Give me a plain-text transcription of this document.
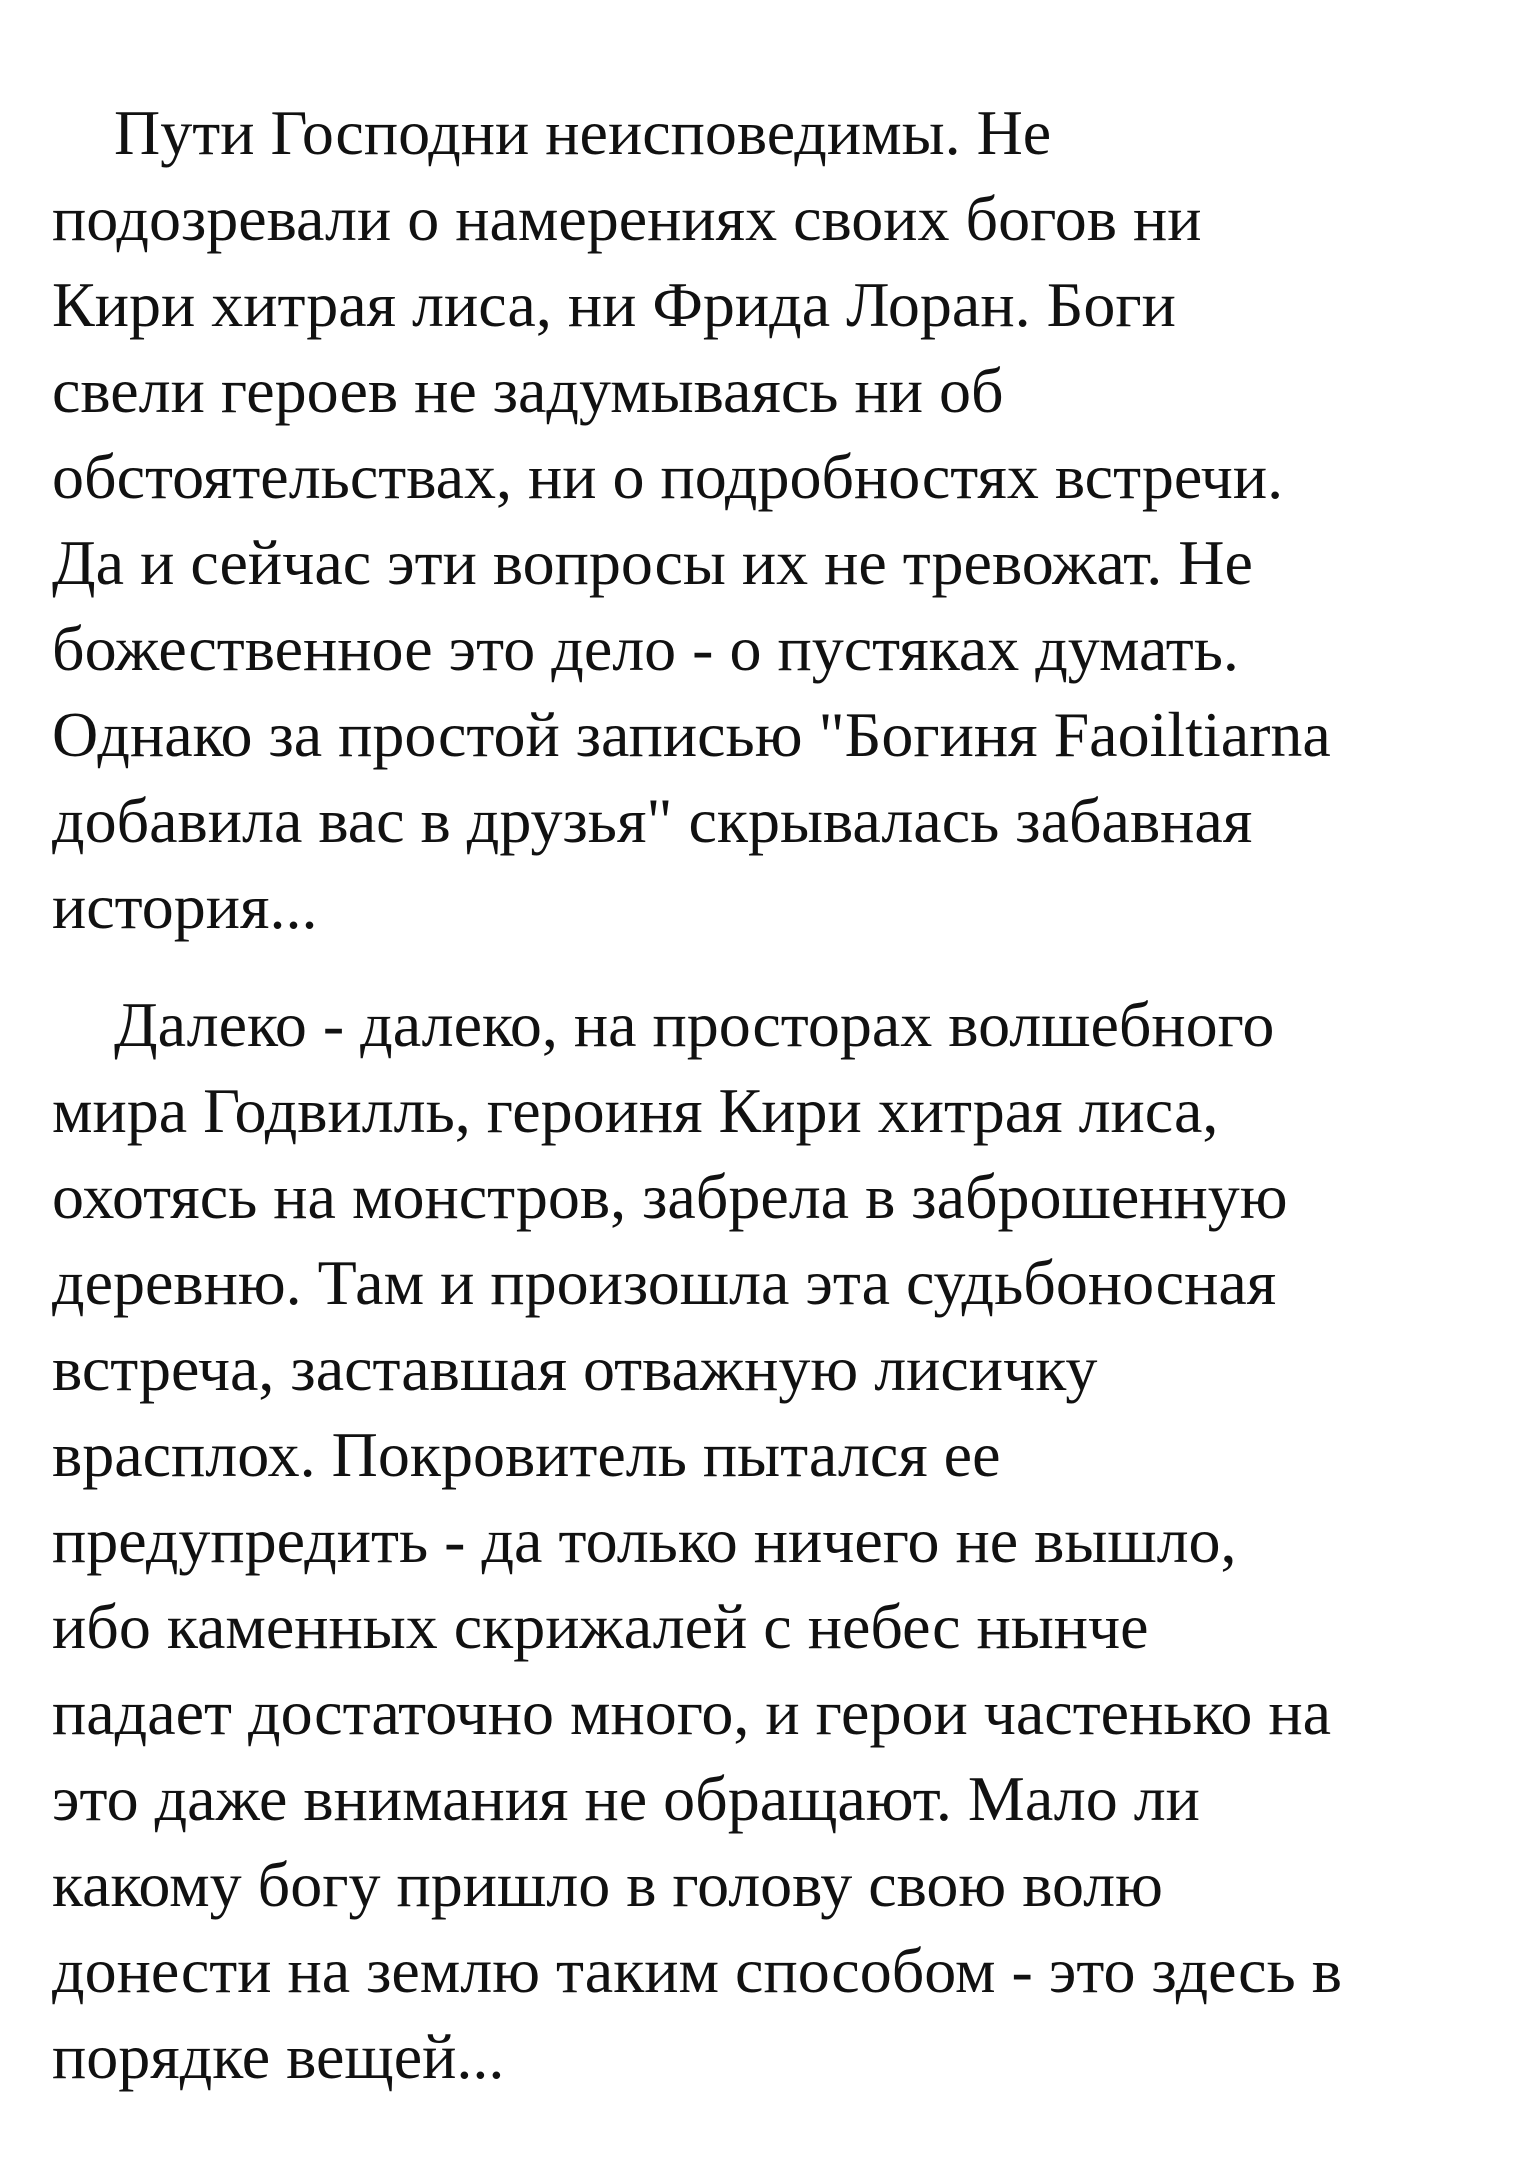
Пути Господни неисповедимы. Не
подозревали о намерениях своих богов ни
Кири хитрая лиса, ни Фрида Лоран. Боги
свели героев не задумываясь ни об
обстоятельствах, ни о подробностях встречи.
Да и сейчас эти вопросы их не тревожат. Не
божественное это дело - о пустяках думать.
Однако за простой записью "Богиня Faoiltiarna
добавила вас в друзья" скрывалась забавная
история...
Далеко - далеко, на просторах волшебного
мира Годвилль, героиня Кири хитрая лиса,
охотясь на монстров, забрела в заброшенную
деревню. Там и произошла эта судьбоносная
встреча, заставшая отважную лисичку
врасплох. Покровитель пытался ее
предупредить - да только ничего не вышло,
ибо каменных скрижалей с небес нынче
падает достаточно много, и герои частенько на
это даже внимания не обращают. Мало ли
какому богу пришло в голову свою волю
донести на землю таким способом - это здесь в
порядке вещей...
